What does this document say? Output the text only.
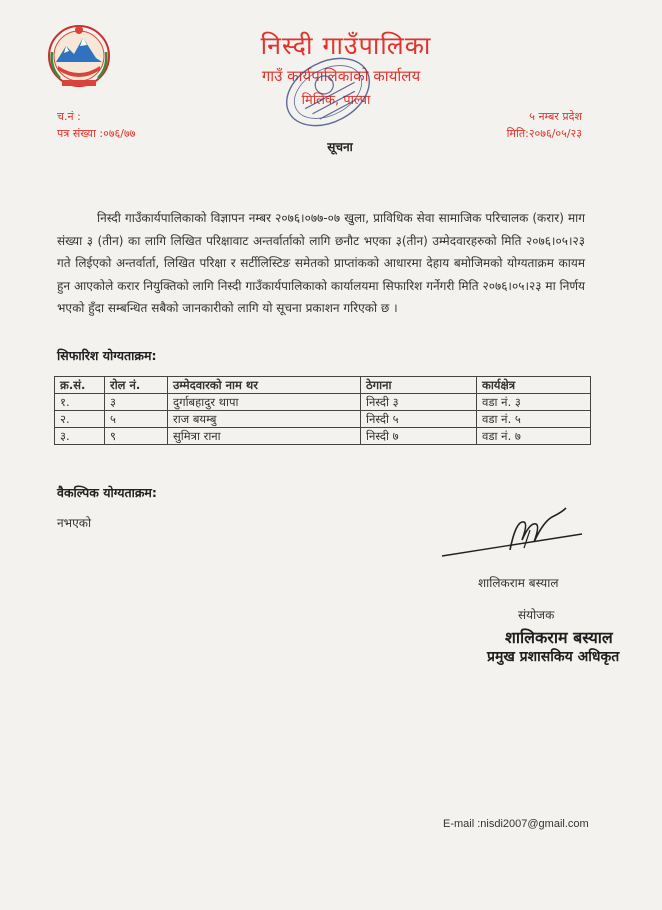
निस्दी गाउँपालिका
गाउँ कार्यपालिकाको कार्यालय
मिलिक, पाल्पा
च.नं :
पत्र संख्या :०७६/७७
५ नम्बर प्रदेश
मिति:२०७६/०५/२३
सूचना
निस्दी गाउँकार्यपालिकाको विज्ञापन नम्बर २०७६।०७७-०७ खुला, प्राविधिक सेवा सामाजिक परिचालक (करार) माग संख्या ३ (तीन) का लागि लिखित परिक्षावाट अन्तर्वार्ताको लागि छनौट भएका ३(तीन) उम्मेदवारहरुको मिति २०७६।०५।२३ गते लिईएको अन्तर्वार्ता, लिखित परिक्षा र सर्टीलिस्टिङ समेतको प्राप्तांकको आधारमा देहाय बमोजिमको योग्यताक्रम कायम हुन आएकोले करार नियुक्तिको लागि निस्दी गाउँकार्यपालिकाको कार्यालयमा सिफारिश गर्नेगरी मिति २०७६।०५।२३ मा निर्णय भएको हुँदा सम्बन्धित सबैको जानकारीको लागि यो सूचना प्रकाशन गरिएको छ ।
सिफारिश योग्यताक्रम:
क्र.सं.	रोल नं.	उम्मेदवारको नाम थर	ठेगाना	कार्यक्षेत्र
१.	३	दुर्गाबहादुर थापा	निस्दी ३	वडा नं. ३
२.	५	राज बयम्बु	निस्दी ५	वडा नं. ५
३.	९	सुमित्रा राना	निस्दी ७	वडा नं. ७
वैकल्पिक योग्यताक्रम:
नभएको
शालिकराम बस्याल
संयोजक
शालिकराम बस्याल
प्रमुख प्रशासकिय अधिकृत
E-mail :nisdi2007@gmail.com
